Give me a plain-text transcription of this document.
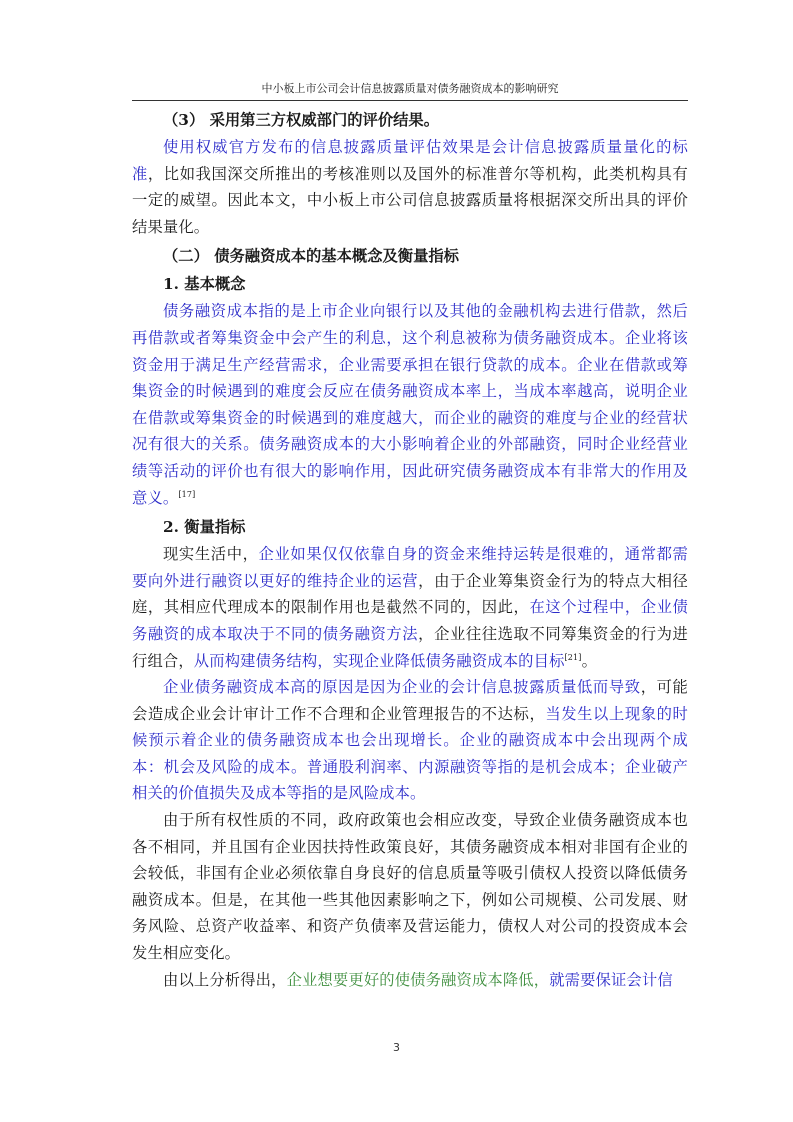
中小板上市公司会计信息披露质量对债务融资成本的影响研究

（3） 采用第三方权威部门的评价结果。

使用权威官方发布的信息披露质量评估效果是会计信息披露质量量化的标准，比如我国深交所推出的考核准则以及国外的标准普尔等机构，此类机构具有一定的威望。因此本文，中小板上市公司信息披露质量将根据深交所出具的评价结果量化。

（二） 债务融资成本的基本概念及衡量指标

1. 基本概念

债务融资成本指的是上市企业向银行以及其他的金融机构去进行借款，然后再借款或者筹集资金中会产生的利息，这个利息被称为债务融资成本。企业将该资金用于满足生产经营需求，企业需要承担在银行贷款的成本。企业在借款或筹集资金的时候遇到的难度会反应在债务融资成本率上，当成本率越高，说明企业在借款或筹集资金的时候遇到的难度越大，而企业的融资的难度与企业的经营状况有很大的关系。债务融资成本的大小影响着企业的外部融资，同时企业经营业绩等活动的评价也有很大的影响作用，因此研究债务融资成本有非常大的作用及意义。[17]

2. 衡量指标

现实生活中，企业如果仅仅依靠自身的资金来维持运转是很难的，通常都需要向外进行融资以更好的维持企业的运营，由于企业筹集资金行为的特点大相径庭，其相应代理成本的限制作用也是截然不同的，因此，在这个过程中，企业债务融资的成本取决于不同的债务融资方法，企业往往选取不同筹集资金的行为进行组合，从而构建债务结构，实现企业降低债务融资成本的目标[21]。

企业债务融资成本高的原因是因为企业的会计信息披露质量低而导致，可能会造成企业会计审计工作不合理和企业管理报告的不达标，当发生以上现象的时候预示着企业的债务融资成本也会出现增长。企业的融资成本中会出现两个成本：机会及风险的成本。普通股利润率、内源融资等指的是机会成本；企业破产相关的价值损失及成本等指的是风险成本。

由于所有权性质的不同，政府政策也会相应改变，导致企业债务融资成本也各不相同，并且国有企业因扶持性政策良好，其债务融资成本相对非国有企业的会较低，非国有企业必须依靠自身良好的信息质量等吸引债权人投资以降低债务融资成本。但是，在其他一些其他因素影响之下，例如公司规模、公司发展、财务风险、总资产收益率、和资产负债率及营运能力，债权人对公司的投资成本会发生相应变化。

由以上分析得出，企业想要更好的使债务融资成本降低，就需要保证会计信

3
